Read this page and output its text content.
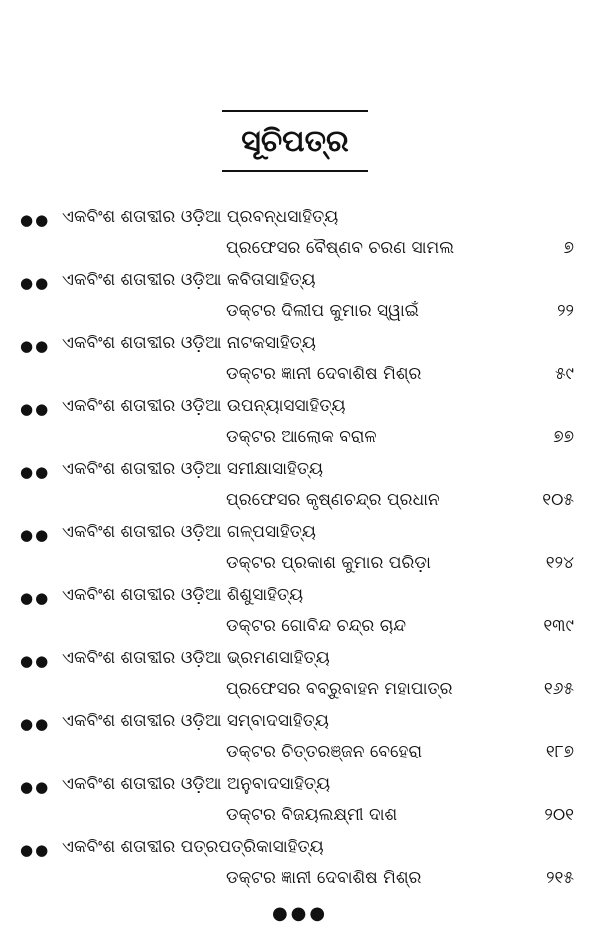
ସୂଚିପତ୍ର
●● ଏକବିଂଶ ଶତାବ୍ଦୀର ଓଡ଼ିଆ ପ୍ରବନ୍ଧସାହିତ୍ୟ
ପ୍ରଫେସର ବୈଷ୍ଣବ ଚରଣ ସାମଲ	୭
●● ଏକବିଂଶ ଶତାବ୍ଦୀର ଓଡ଼ିଆ କବିତାସାହିତ୍ୟ
ଡକ୍ଟର ଦିଲୀପ କୁମାର ସ୍ୱାଇଁ	୨୨
●● ଏକବିଂଶ ଶତାବ୍ଦୀର ଓଡ଼ିଆ ନାଟକସାହିତ୍ୟ
ଡକ୍ଟର ଜ୍ଞାନୀ ଦେବାଶିଷ ମିଶ୍ର	୫୯
●● ଏକବିଂଶ ଶତାବ୍ଦୀର ଓଡ଼ିଆ ଉପନ୍ୟାସସାହିତ୍ୟ
ଡକ୍ଟର ଆଲୋକ ବରାଳ	୭୭
●● ଏକବିଂଶ ଶତାବ୍ଦୀର ଓଡ଼ିଆ ସମୀକ୍ଷାସାହିତ୍ୟ
ପ୍ରଫେସର କୃଷ୍ଣଚନ୍ଦ୍ର ପ୍ରଧାନ	୧୦୫
●● ଏକବିଂଶ ଶତାବ୍ଦୀର ଓଡ଼ିଆ ଗଳ୍ପସାହିତ୍ୟ
ଡକ୍ଟର ପ୍ରକାଶ କୁମାର ପରିଡ଼ା	୧୨୪
●● ଏକବିଂଶ ଶତାବ୍ଦୀର ଓଡ଼ିଆ ଶିଶୁସାହିତ୍ୟ
ଡକ୍ଟର ଗୋବିନ୍ଦ ଚନ୍ଦ୍ର ଚାନ୍ଦ	୧୩୯
●● ଏକବିଂଶ ଶତାବ୍ଦୀର ଓଡ଼ିଆ ଭ୍ରମଣସାହିତ୍ୟ
ପ୍ରଫେସର ବବ୍ରୁବାହନ ମହାପାତ୍ର	୧୬୫
●● ଏକବିଂଶ ଶତାବ୍ଦୀର ଓଡ଼ିଆ ସମ୍ବାଦସାହିତ୍ୟ
ଡକ୍ଟର ଚିତ୍ତରଞ୍ଜନ ବେହେରା	୧୮୭
●● ଏକବିଂଶ ଶତାବ୍ଦୀର ଓଡ଼ିଆ ଅନୁବାଦସାହିତ୍ୟ
ଡକ୍ଟର ବିଜୟଲକ୍ଷ୍ମୀ ଦାଶ	୨୦୧
●● ଏକବିଂଶ ଶତାବ୍ଦୀର ପତ୍ରପତ୍ରିକାସାହିତ୍ୟ
ଡକ୍ଟର ଜ୍ଞାନୀ ଦେବାଶିଷ ମିଶ୍ର	୨୧୫
●●●
